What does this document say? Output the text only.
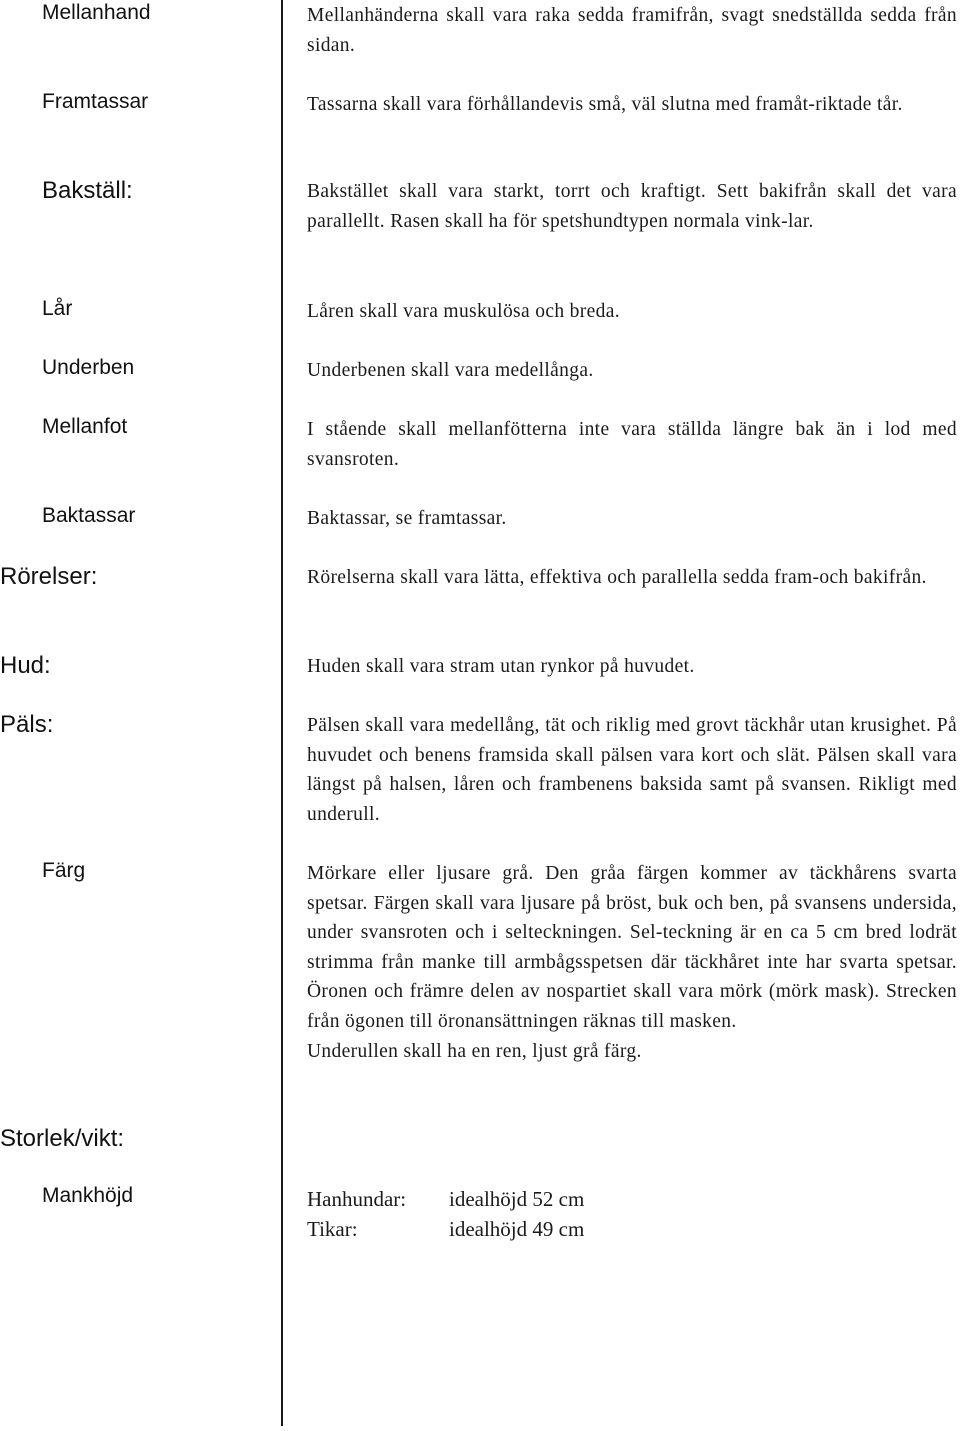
Mellanhand
Framtassar
Bakställ:
Lår
Underben
Mellanfot
Baktassar
Rörelser:
Hud:
Päls:
Färg
Storlek/vikt:
Mankhöjd

Mellanhänderna skall vara raka sedda framifrån, svagt snedställda sedda från sidan.

Tassarna skall vara förhållandevis små, väl slutna med framåt-riktade tår.

Bakstället skall vara starkt, torrt och kraftigt. Sett bakifrån skall det vara parallellt. Rasen skall ha för spetshundtypen normala vink-lar.

Låren skall vara muskulösa och breda.

Underbenen skall vara medellånga.

I stående skall mellanfötterna inte vara ställda längre bak än i lod med svansroten.

Baktassar, se framtassar.

Rörelserna skall vara lätta, effektiva och parallella sedda fram-och bakifrån.

Huden skall vara stram utan rynkor på huvudet.

Pälsen skall vara medellång, tät och riklig med grovt täckhår utan krusighet. På huvudet och benens framsida skall pälsen vara kort och slät. Pälsen skall vara längst på halsen, låren och frambenens baksida samt på svansen. Rikligt med underull.

Mörkare eller ljusare grå. Den gråa färgen kommer av täckhårens svarta spetsar. Färgen skall vara ljusare på bröst, buk och ben, på svansens undersida, under svansroten och i selteckningen. Sel-teckning är en ca 5 cm bred lodrät strimma från manke till armbågsspetsen där täckhåret inte har svarta spetsar. Öronen och främre delen av nospartiet skall vara mörk (mörk mask). Strecken från ögonen till öronansättningen räknas till masken.

Underullen skall ha en ren, ljust grå färg.

Hanhundar:	idealhöjd 52 cm
Tikar:	idealhöjd 49 cm
